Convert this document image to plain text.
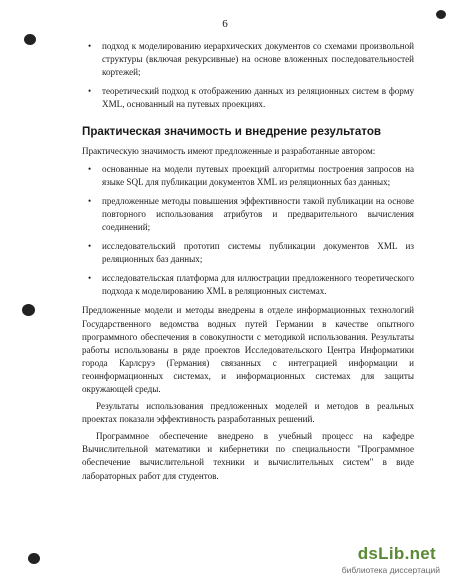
6
• подход к моделированию иерархических документов со схемами произвольной структуры (включая рекурсивные) на основе вложенных последовательностей кортежей;
• теоретический подход к отображению данных из реляционных систем в форму XML, основанный на путевых проекциях.
Практическая значимость и внедрение результатов

Практическую значимость имеют предложенные и разработанные автором:

• основанные на модели путевых проекций алгоритмы построения запросов на языке SQL для публикации документов XML из реляционных баз данных;
• предложенные методы повышения эффективности такой публикации на основе повторного использования атрибутов и предварительного вычисления соединений;
• исследовательский прототип системы публикации документов XML из реляционных баз данных;
• исследовательская платформа для иллюстрации предложенного теоретического подхода к моделированию XML в реляционных системах.

Предложенные модели и методы внедрены в отделе информационных технологий Государственного ведомства водных путей Германии в качестве опытного программного обеспечения в совокупности с методикой использования. Результаты работы использованы в ряде проектов Исследовательского Центра Информатики города Карлсруэ (Германия) связанных с интеграцией информации и геоинформационных системах, и информационных системах для защиты окружающей среды.

Результаты использования предложенных моделей и методов в реальных проектах показали эффективность разработанных решений.

Программное обеспечение внедрено в учебный процесс на кафедре Вычислительной математики и кибернетики по специальности "Программное обеспечение вычислительной техники и вычислительных систем" в виде лабораторных работ для студентов.

dsLib.net
библиотека диссертаций
